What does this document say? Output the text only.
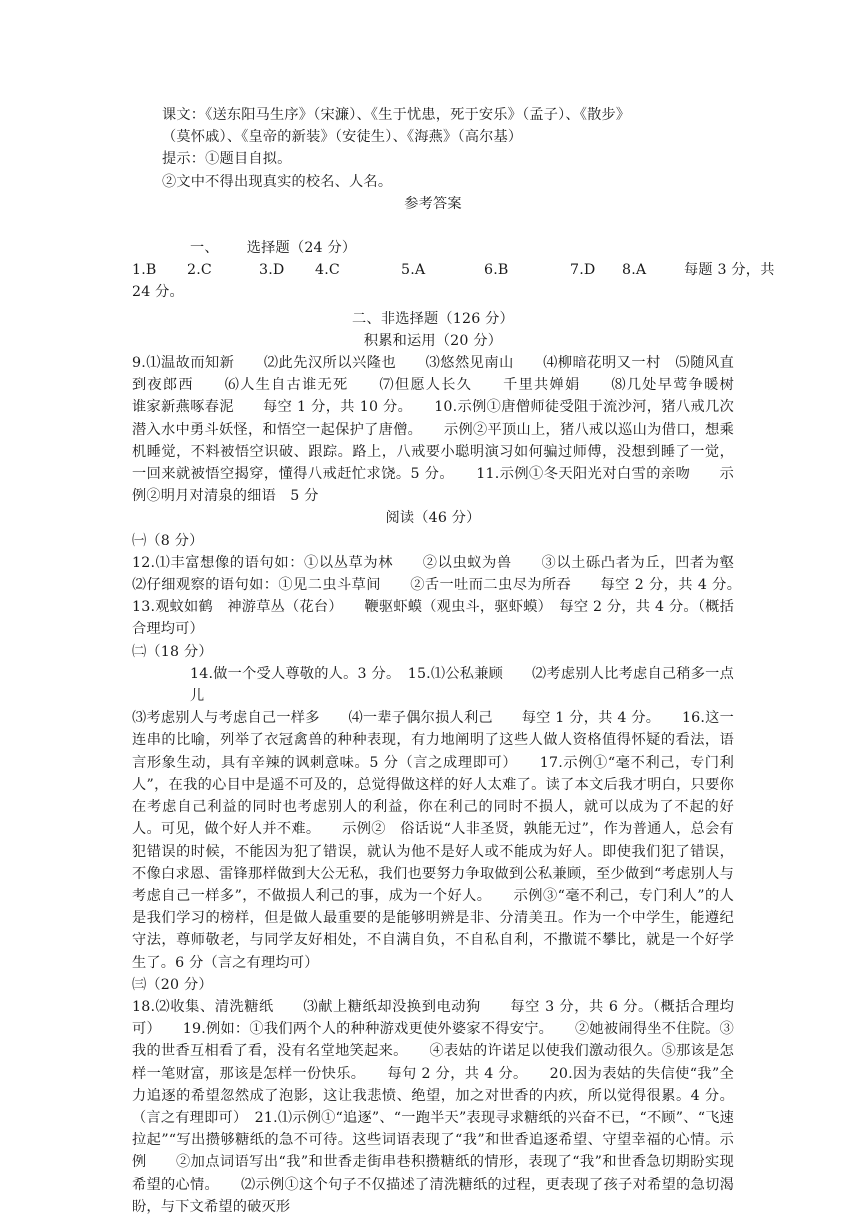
课文：《送东阳马生序》（宋濂）、《生于忧患，死于安乐》（孟子）、《散步》

（莫怀戚）、《皇帝的新装》（安徒生）、《海燕》（高尔基）

提示：①题目自拟。

②文中不得出现真实的校名、人名。

参考答案

一、 选择题（24 分）

1.B 2.C	3.D 4.C	5.A	6.B	7.D 8.A	每题 3 分，共

24 分。

二、非选择题（126 分）

积累和运用（20 分）

9.⑴温故而知新　　⑵此先汉所以兴隆也　　⑶悠然见南山　　⑷柳暗花明又一村　⑸随风直到夜郎西　　⑹人生自古谁无死　　⑺但愿人长久　　千里共婵娟　　⑻几处早莺争暖树　　谁家新燕啄春泥　　每空 1 分，共 10 分。　　10.示例①唐僧师徒受阻于流沙河，猪八戒几次潜入水中勇斗妖怪，和悟空一起保护了唐僧。　　示例②平顶山上，猪八戒以巡山为借口，想乘机睡觉，不料被悟空识破、跟踪。路上，八戒要小聪明演习如何骗过师傅，没想到睡了一觉，一回来就被悟空揭穿，懂得八戒赶忙求饶。5 分。　　11.示例①冬天阳光对白雪的亲吻　　示例②明月对清泉的细语　5 分

阅读（46 分）

㈠（8 分）

12.⑴丰富想像的语句如：①以丛草为林　　②以虫蚁为兽　　③以土砾凸者为丘，凹者为壑　　⑵仔细观察的语句如：①见二虫斗草间　　②舌一吐而二虫尽为所吞　　每空 2 分，共 4 分。　　13.观蚊如鹤　神游草丛（花台）　　鞭驱虾蟆（观虫斗，驱虾蟆）　每空 2 分，共 4 分。（概括合理均可）

㈡（18 分）

14.做一个受人尊敬的人。3 分。　15.⑴公私兼顾　　⑵考虑别人比考虑自己稍多一点儿

⑶考虑别人与考虑自己一样多　　⑷一辈子偶尔损人利己　　每空 1 分，共 4 分。　　16.这一连串的比喻，列举了衣冠禽兽的种种表现，有力地阐明了这些人做人资格值得怀疑的看法，语言形象生动，具有辛辣的讽刺意味。5 分（言之成理即可）　　17.示例①“毫不利己，专门利人”，在我的心目中是遥不可及的，总觉得做这样的好人太难了。读了本文后我才明白，只要你在考虑自己利益的同时也考虑别人的利益，你在利己的同时不损人，就可以成为了不起的好人。可见，做个好人并不难。　　示例②　俗话说“人非圣贤，孰能无过”，作为普通人，总会有犯错误的时候，不能因为犯了错误，就认为他不是好人或不能成为好人。即使我们犯了错误，不像白求恩、雷锋那样做到大公无私，我们也要努力争取做到公私兼顾，至少做到“考虑别人与考虑自己一样多”，不做损人利己的事，成为一个好人。　　示例③“毫不利己，专门利人”的人是我们学习的榜样，但是做人最重要的是能够明辨是非、分清美丑。作为一个中学生，能遵纪守法，尊师敬老，与同学友好相处，不自满自负，不自私自利，不撒谎不攀比，就是一个好学生了。6 分（言之有理均可）

㈢（20 分）

18.⑵收集、清洗糖纸　　⑶献上糖纸却没换到电动狗　　每空 3 分，共 6 分。（概括合理均可）　　19.例如：①我们两个人的种种游戏更使外婆家不得安宁。　　②她被闹得坐不住院。③我的世香互相看了看，没有名堂地笑起来。　　④表姑的许诺足以使我们激动很久。⑤那该是怎样一笔财富，那该是怎样一份快乐。　　每句 2 分，共 4 分。　　20.因为表姑的失信使“我”全力追逐的希望忽然成了泡影，这让我悲愤、绝望，加之对世香的内疚，所以觉得很累。4 分。（言之有理即可）　21.⑴示例①“追逐”、“一跑半天”表现寻求糖纸的兴奋不已，“不顾”、“飞速拉起”“写出攒够糖纸的急不可待。这些词语表现了“我”和世香追逐希望、守望幸福的心情。示例　　②加点词语写出“我”和世香走街串巷积攒糖纸的情形，表现了“我”和世香急切期盼实现希望的心情。　　⑵示例①这个句子不仅描述了清洗糖纸的过程，更表现了孩子对希望的急切渴盼，与下文希望的破灭形
